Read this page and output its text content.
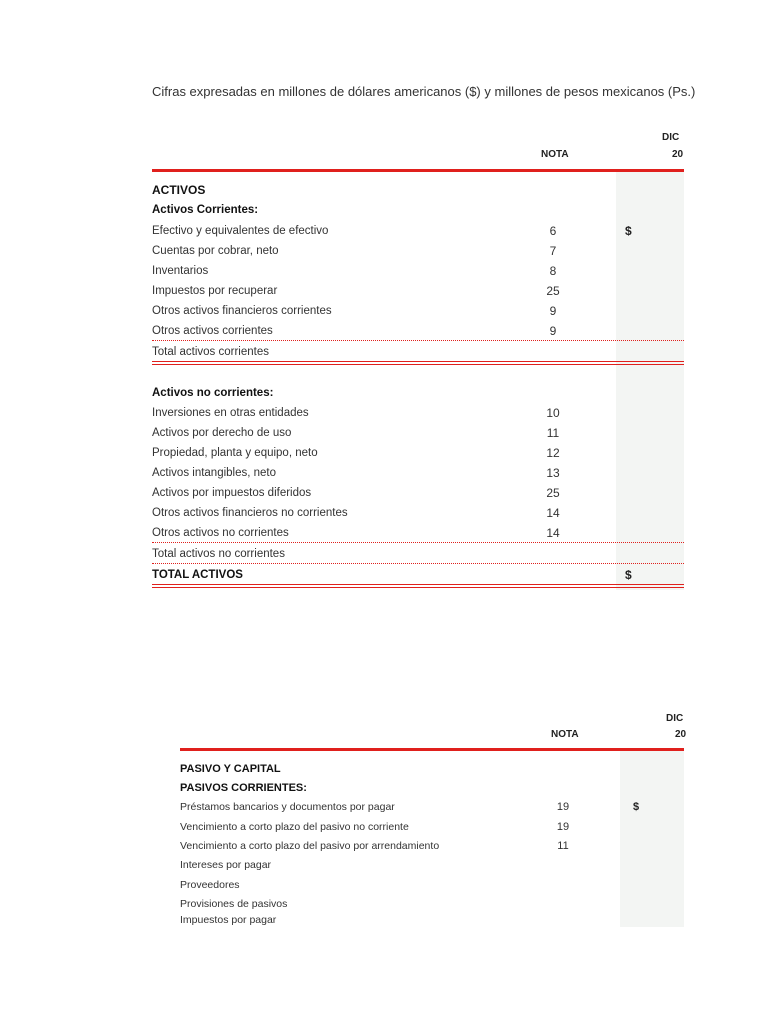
Cifras expresadas en millones de dólares americanos ($) y millones de pesos mexicanos (Ps.)
DIC
20
NOTA
ACTIVOS
Activos Corrientes:
Efectivo y equivalentes de efectivo	6	$
Cuentas por cobrar, neto	7
Inventarios	8
Impuestos por recuperar	25
Otros activos financieros corrientes	9
Otros activos corrientes	9
Total activos corrientes
Activos no corrientes:
Inversiones en otras entidades	10
Activos por derecho de uso	11
Propiedad, planta y equipo, neto	12
Activos intangibles, neto	13
Activos por impuestos diferidos	25
Otros activos financieros no corrientes	14
Otros activos no corrientes	14
Total activos no corrientes
TOTAL ACTIVOS	$
DIC
20
NOTA
PASIVO Y CAPITAL
PASIVOS CORRIENTES:
Préstamos bancarios y documentos por pagar	19	$
Vencimiento a corto plazo del pasivo no corriente	19
Vencimiento a corto plazo del pasivo por arrendamiento	11
Intereses por pagar
Proveedores
Provisiones de pasivos
Impuestos por pagar
